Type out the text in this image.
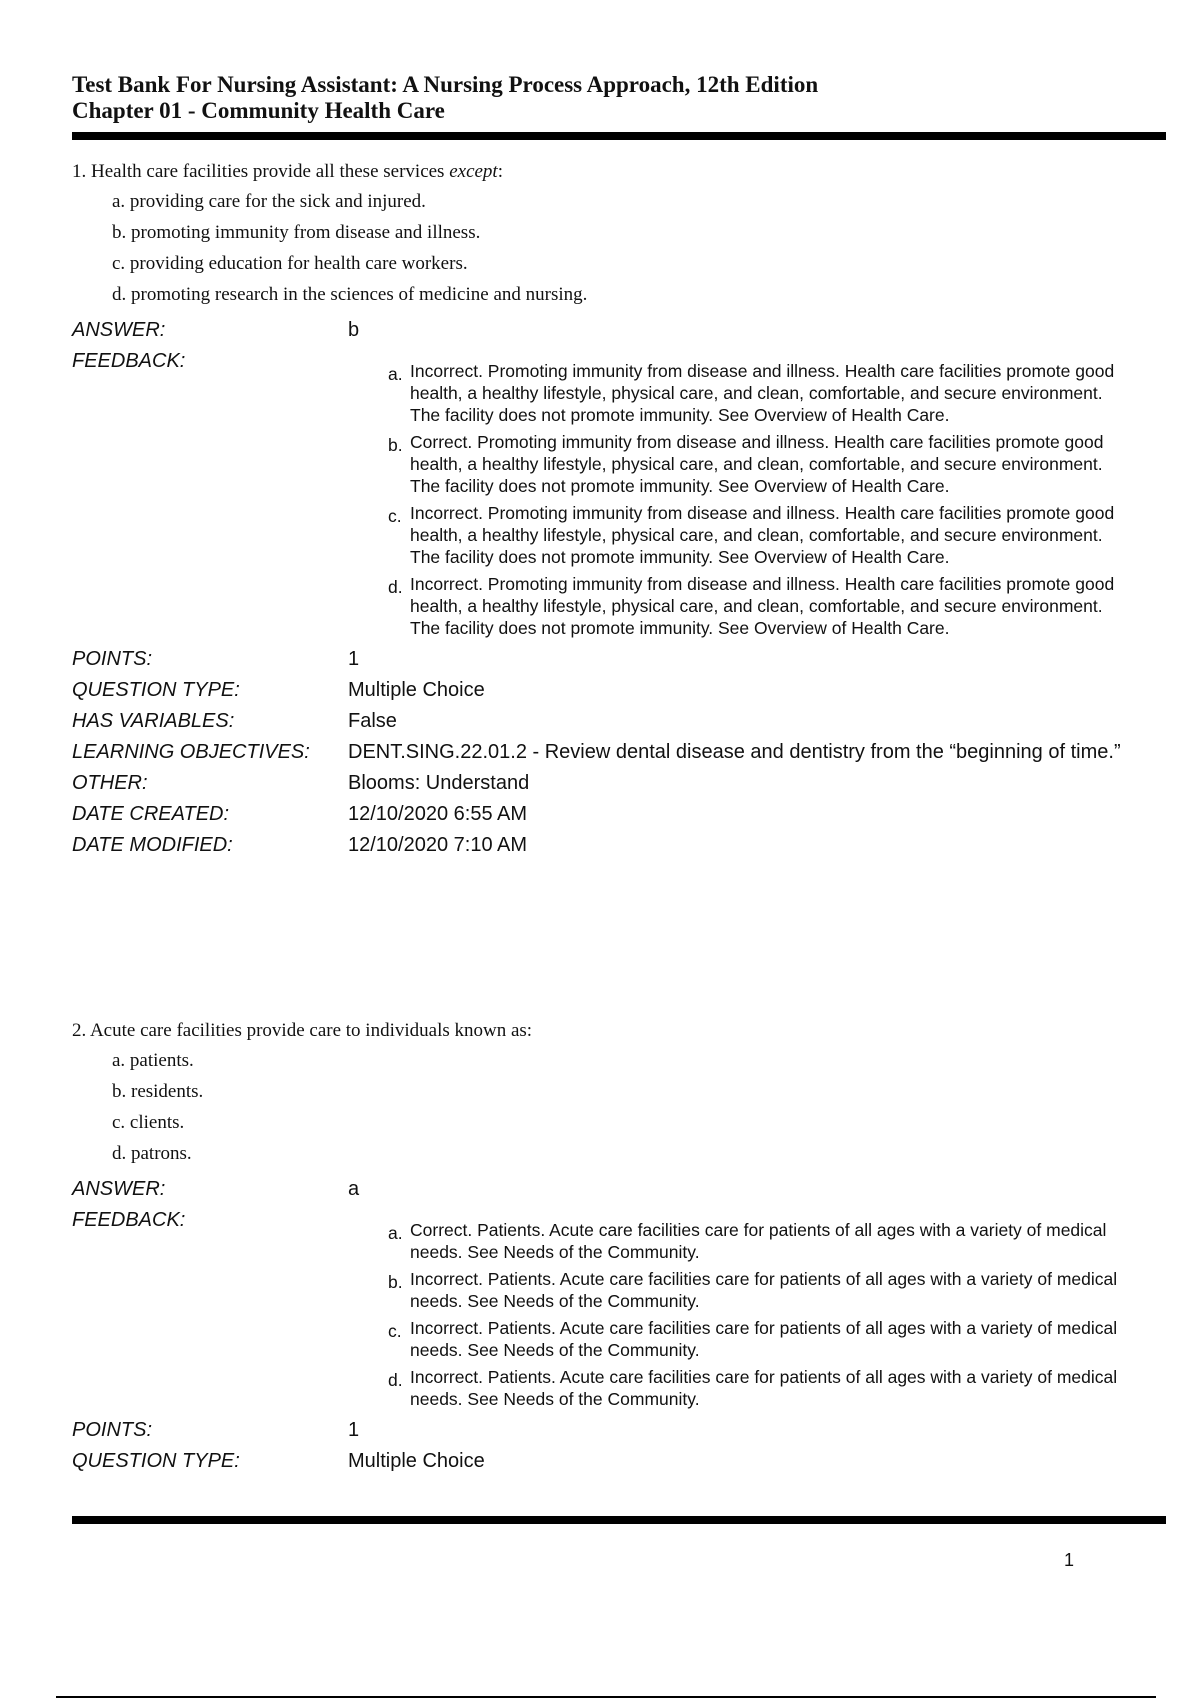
Test Bank For Nursing Assistant: A Nursing Process Approach, 12th Edition
Chapter 01 - Community Health Care
1. Health care facilities provide all these services except:
a. providing care for the sick and injured.
b. promoting immunity from disease and illness.
c. providing education for health care workers.
d. promoting research in the sciences of medicine and nursing.
ANSWER:	b
FEEDBACK:
a. Incorrect. Promoting immunity from disease and illness. Health care facilities promote good health, a healthy lifestyle, physical care, and clean, comfortable, and secure environment. The facility does not promote immunity. See Overview of Health Care.
b. Correct. Promoting immunity from disease and illness. Health care facilities promote good health, a healthy lifestyle, physical care, and clean, comfortable, and secure environment. The facility does not promote immunity. See Overview of Health Care.
c. Incorrect. Promoting immunity from disease and illness. Health care facilities promote good health, a healthy lifestyle, physical care, and clean, comfortable, and secure environment. The facility does not promote immunity. See Overview of Health Care.
d. Incorrect. Promoting immunity from disease and illness. Health care facilities promote good health, a healthy lifestyle, physical care, and clean, comfortable, and secure environment. The facility does not promote immunity. See Overview of Health Care.
POINTS:	1
QUESTION TYPE:	Multiple Choice
HAS VARIABLES:	False
LEARNING OBJECTIVES:	DENT.SING.22.01.2 - Review dental disease and dentistry from the “beginning of time.”
OTHER:	Blooms: Understand
DATE CREATED:	12/10/2020 6:55 AM
DATE MODIFIED:	12/10/2020 7:10 AM
2. Acute care facilities provide care to individuals known as:
a. patients.
b. residents.
c. clients.
d. patrons.
ANSWER:	a
FEEDBACK:
a. Correct. Patients. Acute care facilities care for patients of all ages with a variety of medical needs. See Needs of the Community.
b. Incorrect. Patients. Acute care facilities care for patients of all ages with a variety of medical needs. See Needs of the Community.
c. Incorrect. Patients. Acute care facilities care for patients of all ages with a variety of medical needs. See Needs of the Community.
d. Incorrect. Patients. Acute care facilities care for patients of all ages with a variety of medical needs. See Needs of the Community.
POINTS:	1
QUESTION TYPE:	Multiple Choice
1
